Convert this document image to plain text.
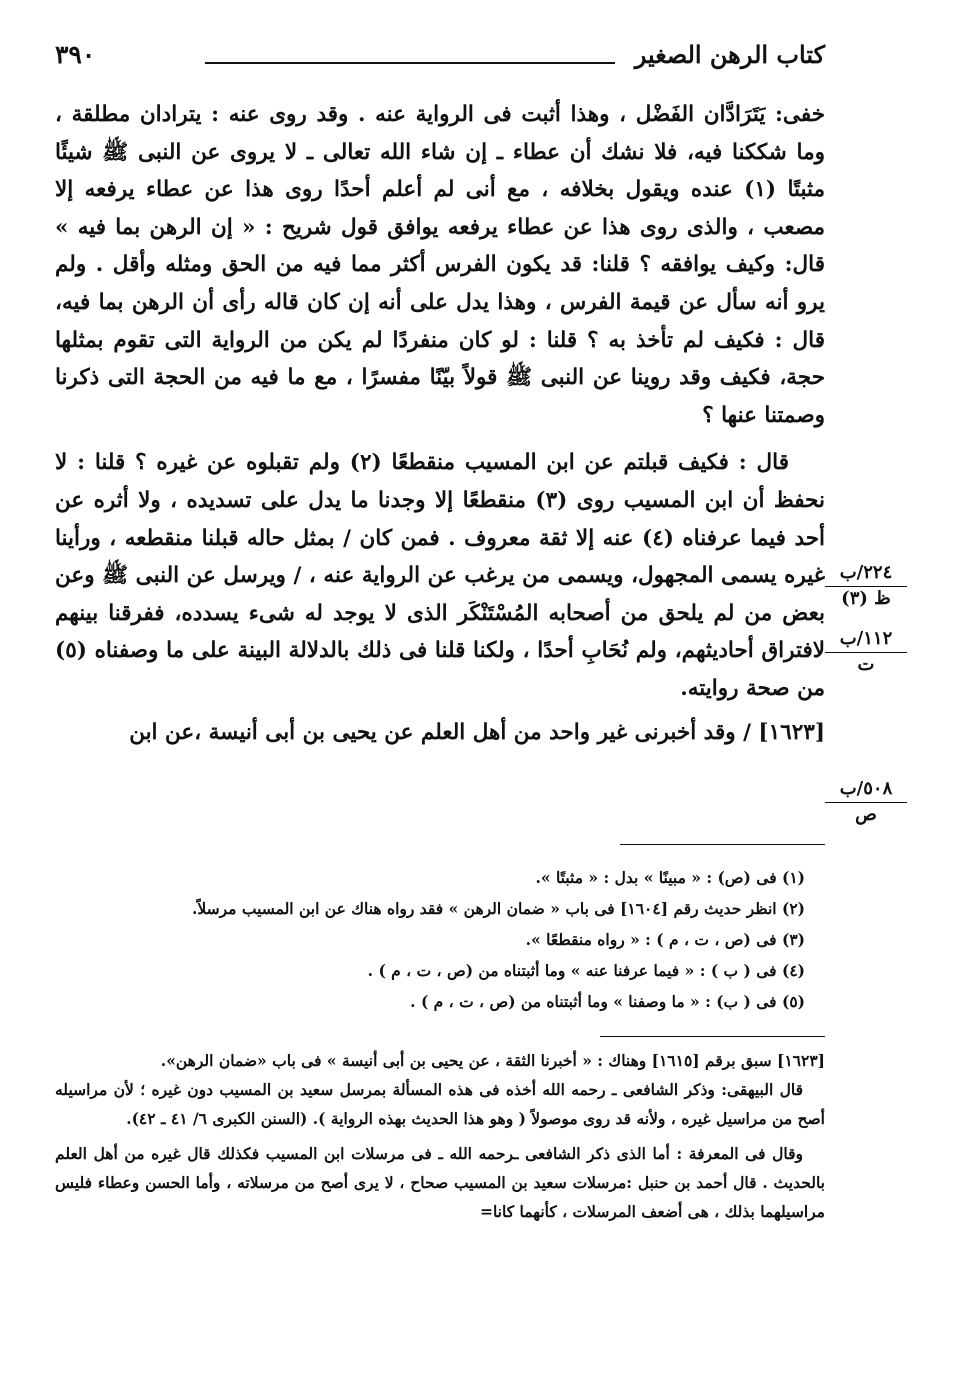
كتاب الرهن الصغير
٣٩٠

خفى: يَتَرَادَّان الفَضْل ، وهذا أثبت فى الرواية عنه . وقد روى عنه : يترادان مطلقة ، وما شككنا فيه، فلا نشك أن عطاء ـ إن شاء الله تعالى ـ لا يروى عن النبى ﷺ شيئًا مثبتًا (١) عنده ويقول بخلافه ، مع أنى لم أعلم أحدًا روى هذا عن عطاء يرفعه إلا مصعب ، والذى روى هذا عن عطاء يرفعه يوافق قول شريح : « إن الرهن بما فيه » قال: وكيف يوافقه ؟ قلنا: قد يكون الفرس أكثر مما فيه من الحق ومثله وأقل . ولم يرو أنه سأل عن قيمة الفرس ، وهذا يدل على أنه إن كان قاله رأى أن الرهن بما فيه، قال : فكيف لم تأخذ به ؟ قلنا : لو كان منفردًا لم يكن من الرواية التى تقوم بمثلها حجة، فكيف وقد روينا عن النبى ﷺ قولاً بيّنًا مفسرًا ، مع ما فيه من الحجة التى ذكرنا وصمتنا عنها ؟

قال : فكيف قبلتم عن ابن المسيب منقطعًا (٢) ولم تقبلوه عن غيره ؟ قلنا : لا نحفظ أن ابن المسيب روى (٣) منقطعًا إلا وجدنا ما يدل على تسديده ، ولا أثره عن أحد فيما عرفناه (٤) عنه إلا ثقة معروف . فمن كان / بمثل حاله قبلنا منقطعه ، ورأينا غيره يسمى المجهول، ويسمى من يرغب عن الرواية عنه ، / ويرسل عن النبى ﷺ وعن بعض من لم يلحق من أصحابه المُسْتَنْكَر الذى لا يوجد له شىء يسدده، ففرقنا بينهم لافتراق أحاديثهم، ولم نُحَابِ أحدًا ، ولكنا قلنا فى ذلك بالدلالة البينة على ما وصفناه (٥) من صحة روايته.

[١٦٢٣] / وقد أخبرنى غير واحد من أهل العلم عن يحيى بن أبى أنيسة ،عن ابن

٢٢٤/ب
ظ (٣)
١١٢/ب
ت
٥٠٨/ب
ص
(١) فى (ص) : « مبينًا » بدل : « مثبتًا ».
(٢) انظر حديث رقم [١٦٠٤] فى باب « ضمان الرهن » فقد رواه هناك عن ابن المسيب مرسلاً.
(٣) فى (ص ، ت ، م ) : « رواه منقطعًا ».
(٤) فى ( ب ) : « فيما عرفنا عنه » وما أثبتناه من (ص ، ت ، م ) .
(٥) فى ( ب) : « ما وصفنا » وما أثبتناه من (ص ، ت ، م ) .

[١٦٢٣] سبق برقم [١٦١٥] وهناك : « أخبرنا الثقة ، عن يحيى بن أبى أنيسة » فى باب «ضمان الرهن».

قال البيهقى: وذكر الشافعى ـ رحمه الله أخذه فى هذه المسألة بمرسل سعيد بن المسيب دون غيره ؛ لأن مراسيله أصح من مراسيل غيره ، ولأنه قد روى موصولاً ( وهو هذا الحديث بهذه الرواية ). (السنن الكبرى ٦/ ٤١ ـ ٤٢).

وقال فى المعرفة : أما الذى ذكر الشافعى ـرحمه الله ـ فى مرسلات ابن المسيب فكذلك قال غيره من أهل العلم بالحديث . قال أحمد بن حنبل :مرسلات سعيد بن المسيب صحاح ، لا يرى أصح من مرسلاته ، وأما الحسن وعطاء فليس مراسيلهما بذلك ، هى أضعف المرسلات ، كأنهما كانا=
